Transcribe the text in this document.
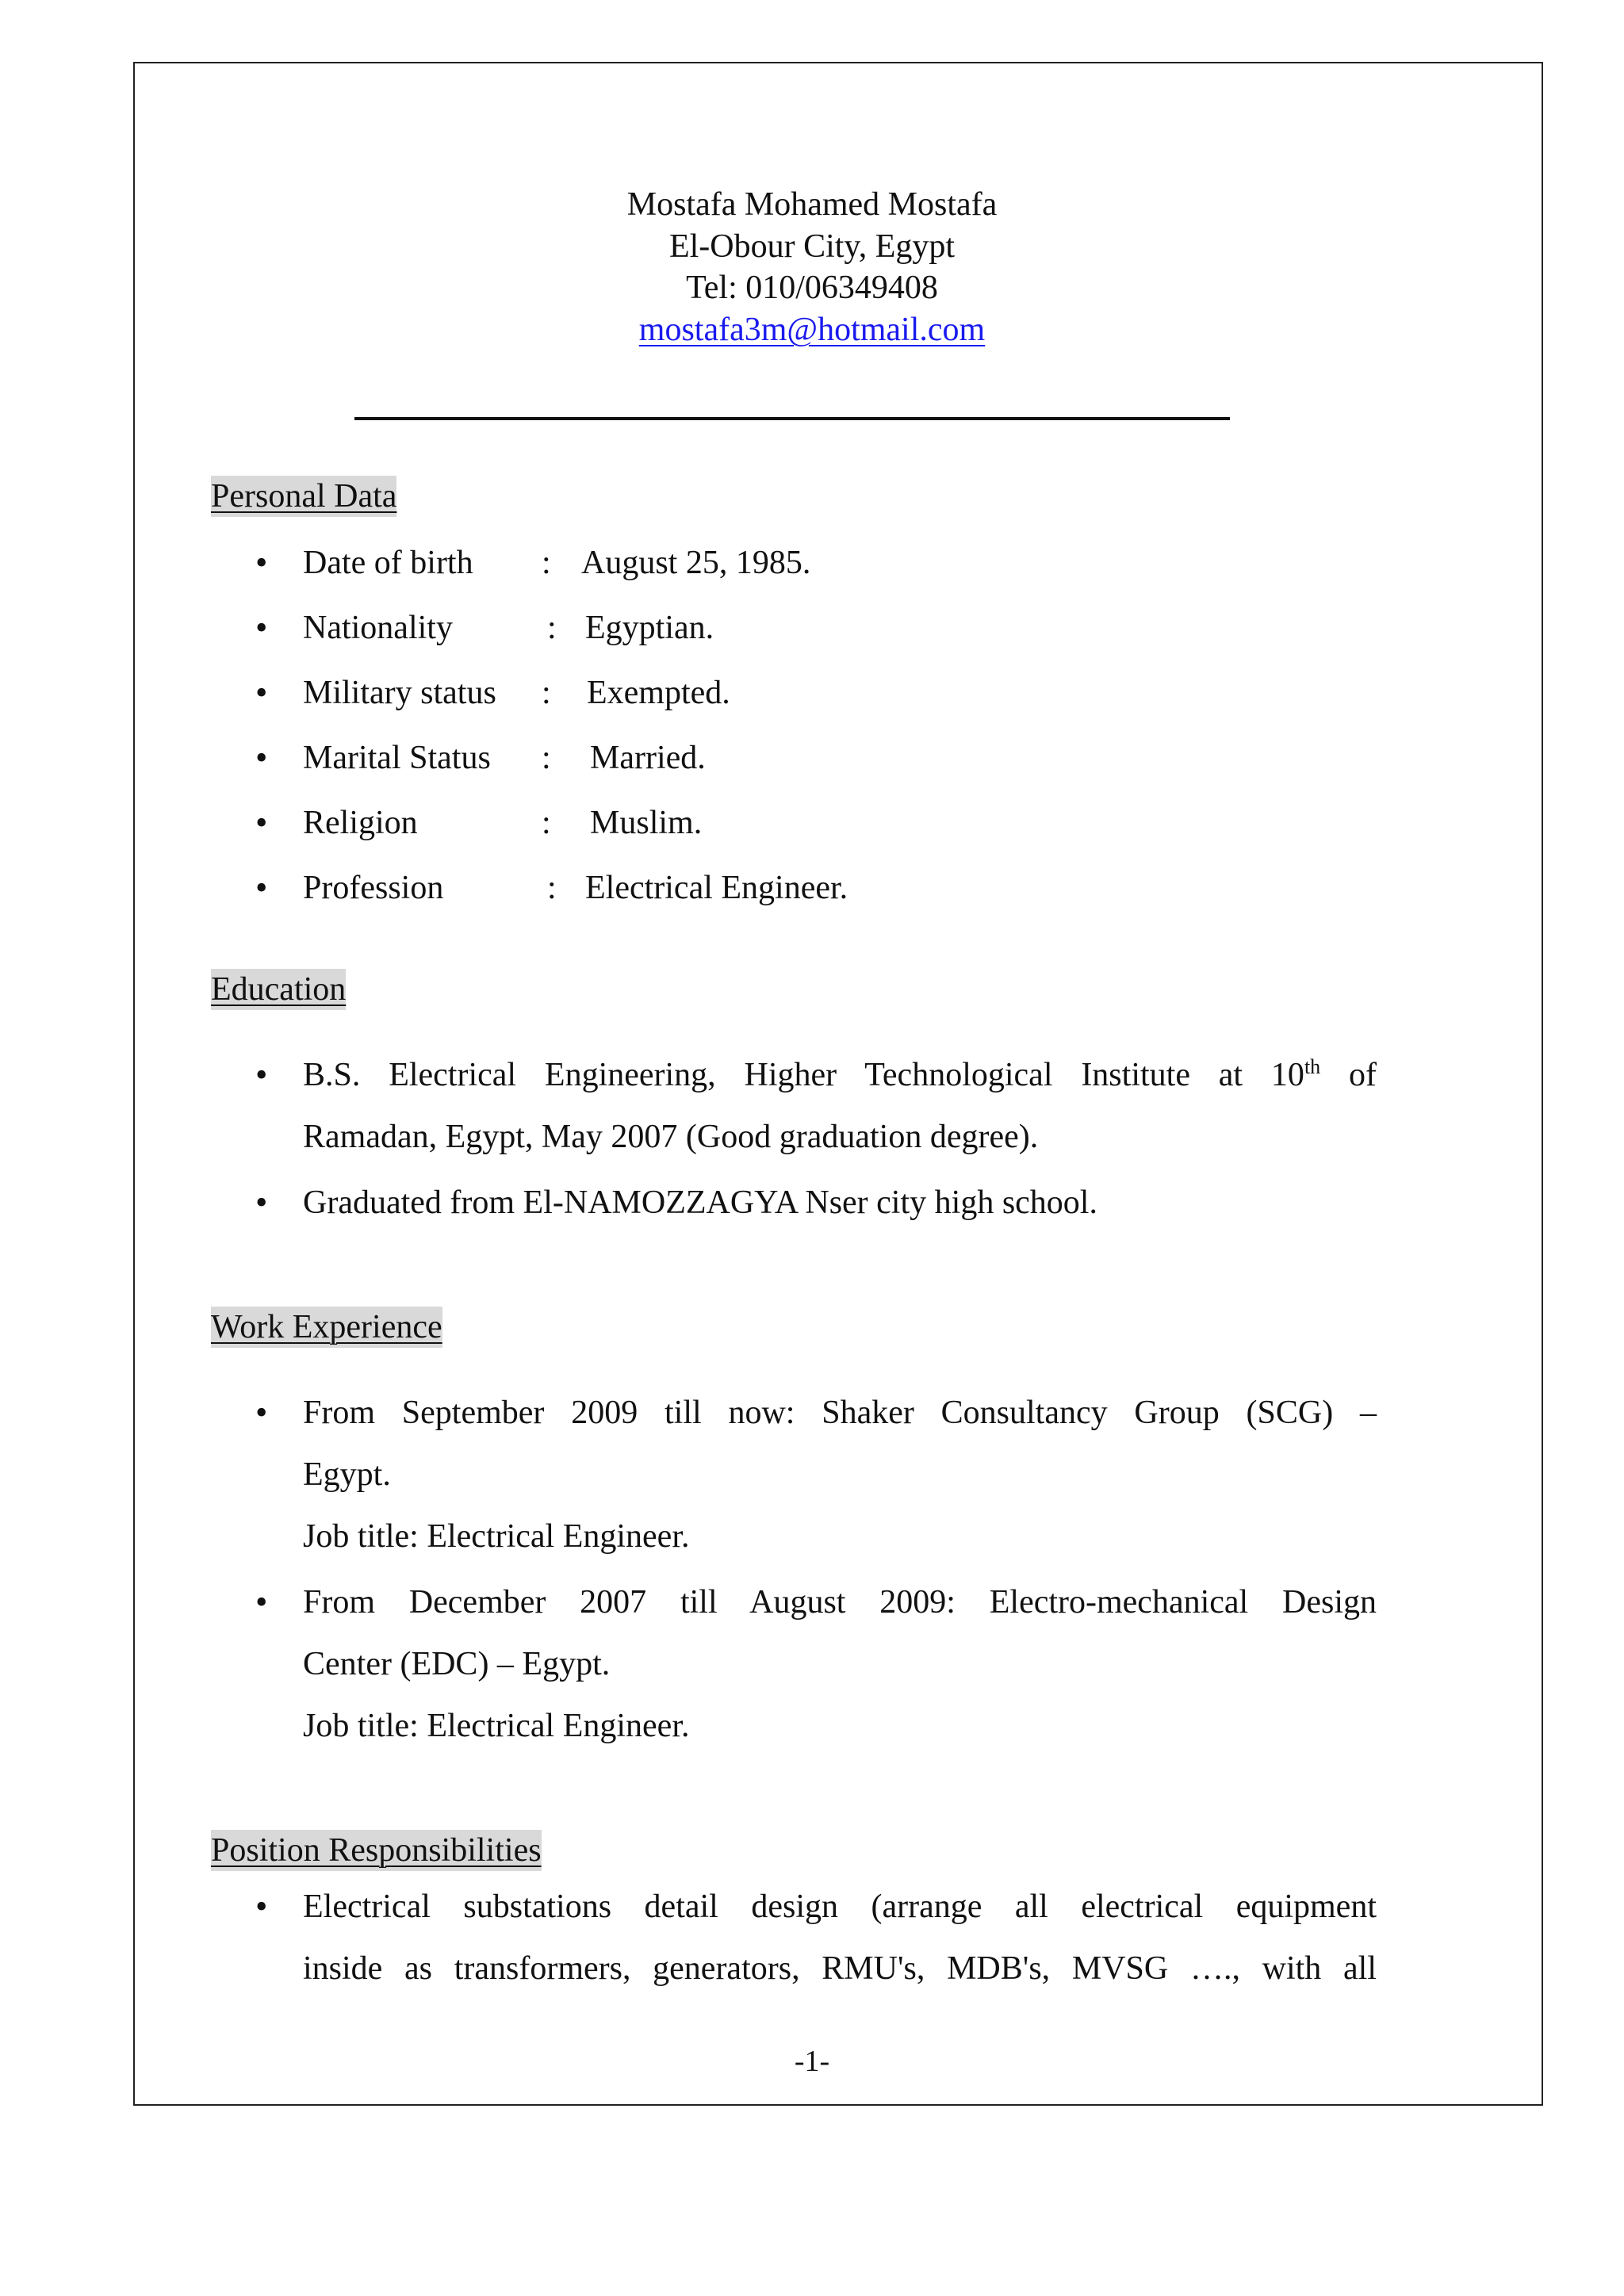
Mostafa Mohamed Mostafa
El-Obour City, Egypt
Tel: 010/06349408
mostafa3m@hotmail.com
Personal Data
• Date of birth : August 25, 1985.
• Nationality	: Egyptian.
• Military status : Exempted.
• Marital Status : Married.
• Religion	: Muslim.
• Profession	: Electrical Engineer.
Education
• B.S. Electrical Engineering, Higher Technological Institute at 10th of
Ramadan, Egypt, May 2007 (Good graduation degree).
• Graduated from El-NAMOZZAGYA Nser city high school.
Work Experience
• From September 2009 till now: Shaker Consultancy Group (SCG) –
Egypt.
Job title: Electrical Engineer.
• From December 2007 till August 2009: Electro-mechanical Design
Center (EDC) – Egypt.
Job title: Electrical Engineer.
Position Responsibilities
• Electrical substations detail design (arrange all electrical equipment
inside as transformers, generators, RMU's, MDB's, MVSG …., with all
-1-
